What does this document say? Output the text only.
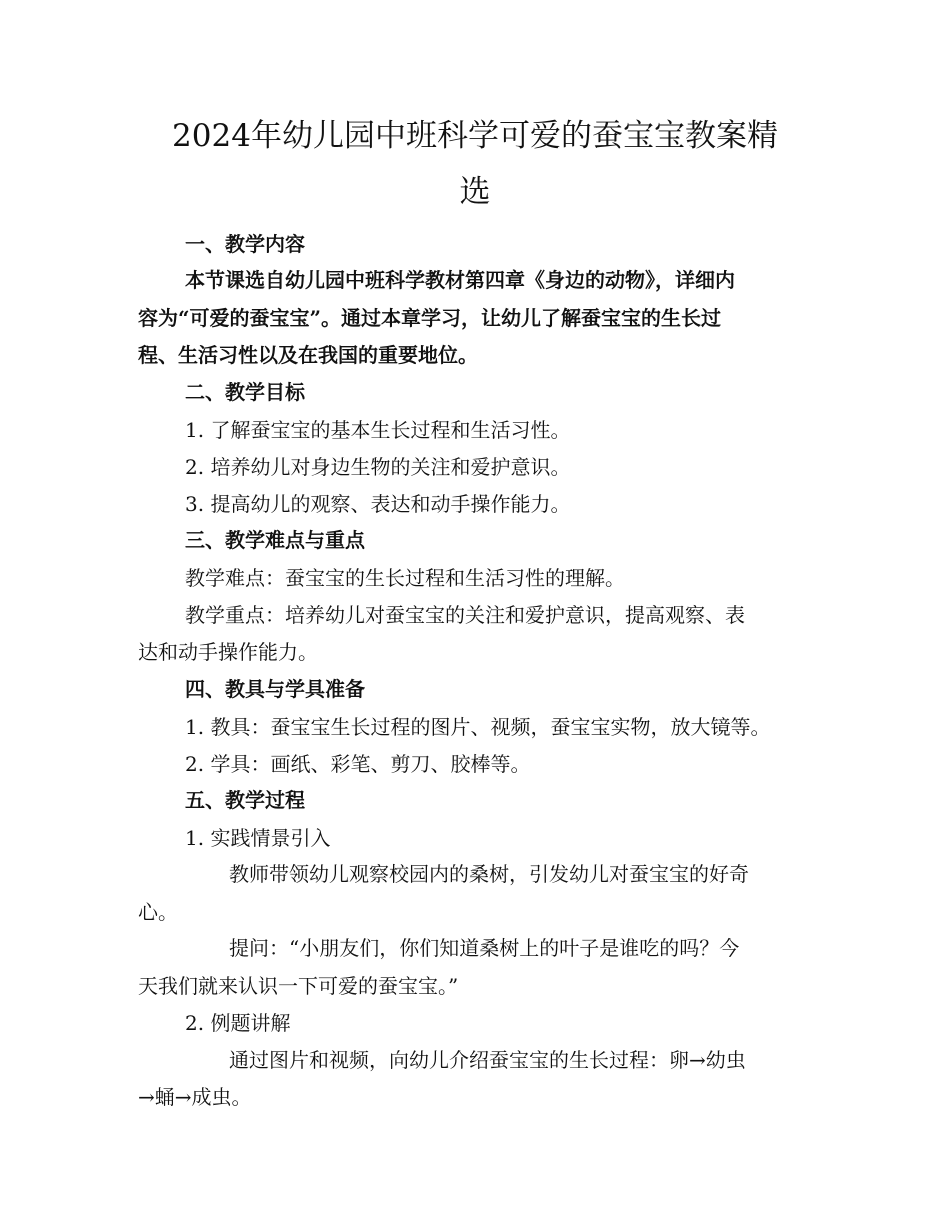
2024年幼儿园中班科学可爱的蚕宝宝教案精
选
一、教学内容
本节课选自幼儿园中班科学教材第四章《身边的动物》，详细内
容为“可爱的蚕宝宝”。通过本章学习，让幼儿了解蚕宝宝的生长过
程、生活习性以及在我国的重要地位。
二、教学目标
1. 了解蚕宝宝的基本生长过程和生活习性。
2. 培养幼儿对身边生物的关注和爱护意识。
3. 提高幼儿的观察、表达和动手操作能力。
三、教学难点与重点
教学难点：蚕宝宝的生长过程和生活习性的理解。
教学重点：培养幼儿对蚕宝宝的关注和爱护意识，提高观察、表
达和动手操作能力。
四、教具与学具准备
1. 教具：蚕宝宝生长过程的图片、视频，蚕宝宝实物，放大镜等。
2. 学具：画纸、彩笔、剪刀、胶棒等。
五、教学过程
1. 实践情景引入
教师带领幼儿观察校园内的桑树，引发幼儿对蚕宝宝的好奇
心。
提问：“小朋友们，你们知道桑树上的叶子是谁吃的吗？今
天我们就来认识一下可爱的蚕宝宝。”
2. 例题讲解
通过图片和视频，向幼儿介绍蚕宝宝的生长过程：卵→幼虫
→蛹→成虫。
